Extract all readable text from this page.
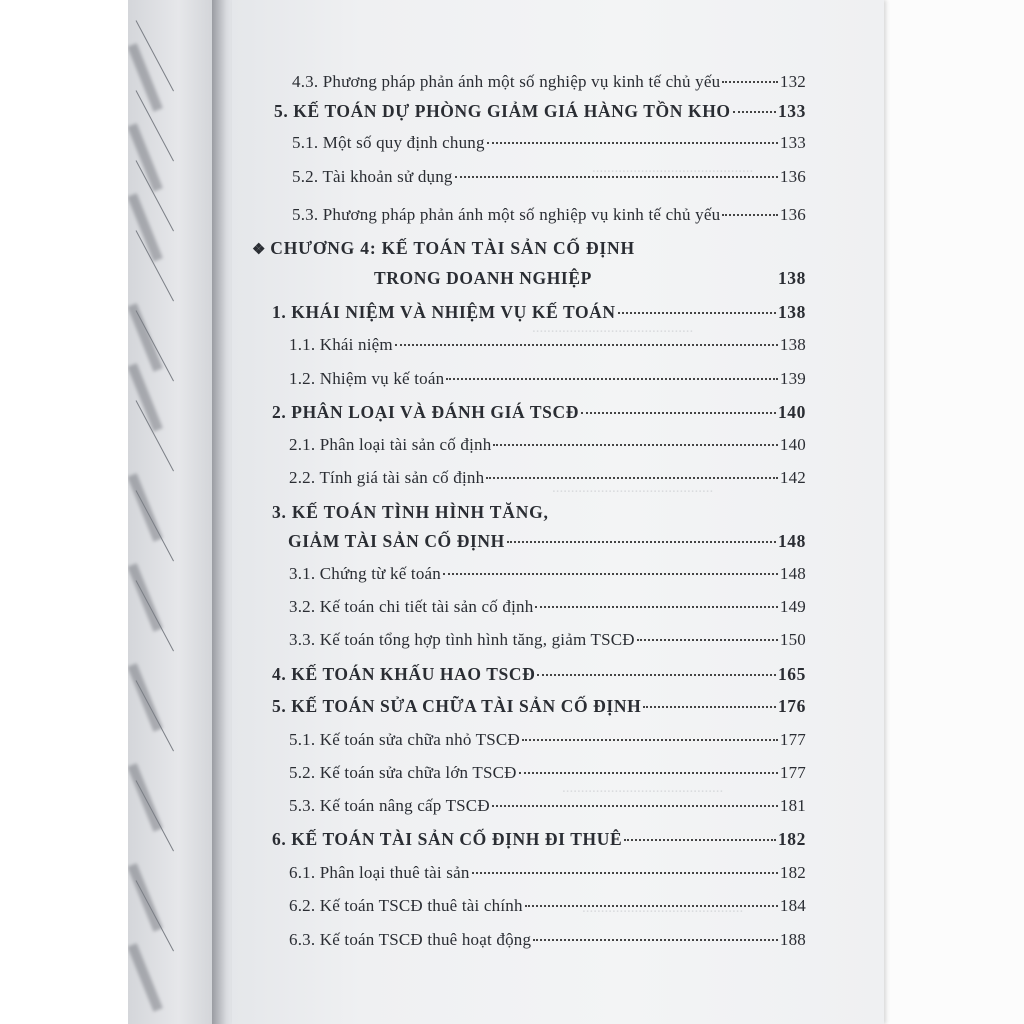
...........................................
...........................................
...........................................
...........................................
...........................................
4.3. Phương pháp phản ánh một số nghiệp vụ kinh tế chủ yếu	132
5. KẾ TOÁN DỰ PHÒNG GIẢM GIÁ HÀNG TỒN KHO	133
5.1. Một số quy định chung	133
5.2. Tài khoản sử dụng	136
5.3. Phương pháp phản ánh một số nghiệp vụ kinh tế chủ yếu	136
❖ CHƯƠNG 4: KẾ TOÁN TÀI SẢN CỐ ĐỊNH
TRONG DOANH NGHIỆP	138
1. KHÁI NIỆM VÀ NHIỆM VỤ KẾ TOÁN	138
1.1. Khái niệm	138
1.2. Nhiệm vụ kế toán	139
2. PHÂN LOẠI VÀ ĐÁNH GIÁ TSCĐ	140
2.1. Phân loại tài sản cố định	140
2.2. Tính giá tài sản cố định	142
3. KẾ TOÁN TÌNH HÌNH TĂNG,
GIẢM TÀI SẢN CỐ ĐỊNH	148
3.1. Chứng từ kế toán	148
3.2. Kế toán chi tiết tài sản cố định	149
3.3. Kế toán tổng hợp tình hình tăng, giảm TSCĐ	150
4. KẾ TOÁN KHẤU HAO TSCĐ	165
5. KẾ TOÁN SỬA CHỮA TÀI SẢN CỐ ĐỊNH	176
5.1. Kế toán sửa chữa nhỏ TSCĐ	177
5.2. Kế toán sửa chữa lớn TSCĐ	177
5.3. Kế toán nâng cấp TSCĐ	181
6. KẾ TOÁN TÀI SẢN CỐ ĐỊNH ĐI THUÊ	182
6.1. Phân loại thuê tài sản	182
6.2. Kế toán TSCĐ thuê tài chính	184
6.3. Kế toán TSCĐ thuê hoạt động	188
